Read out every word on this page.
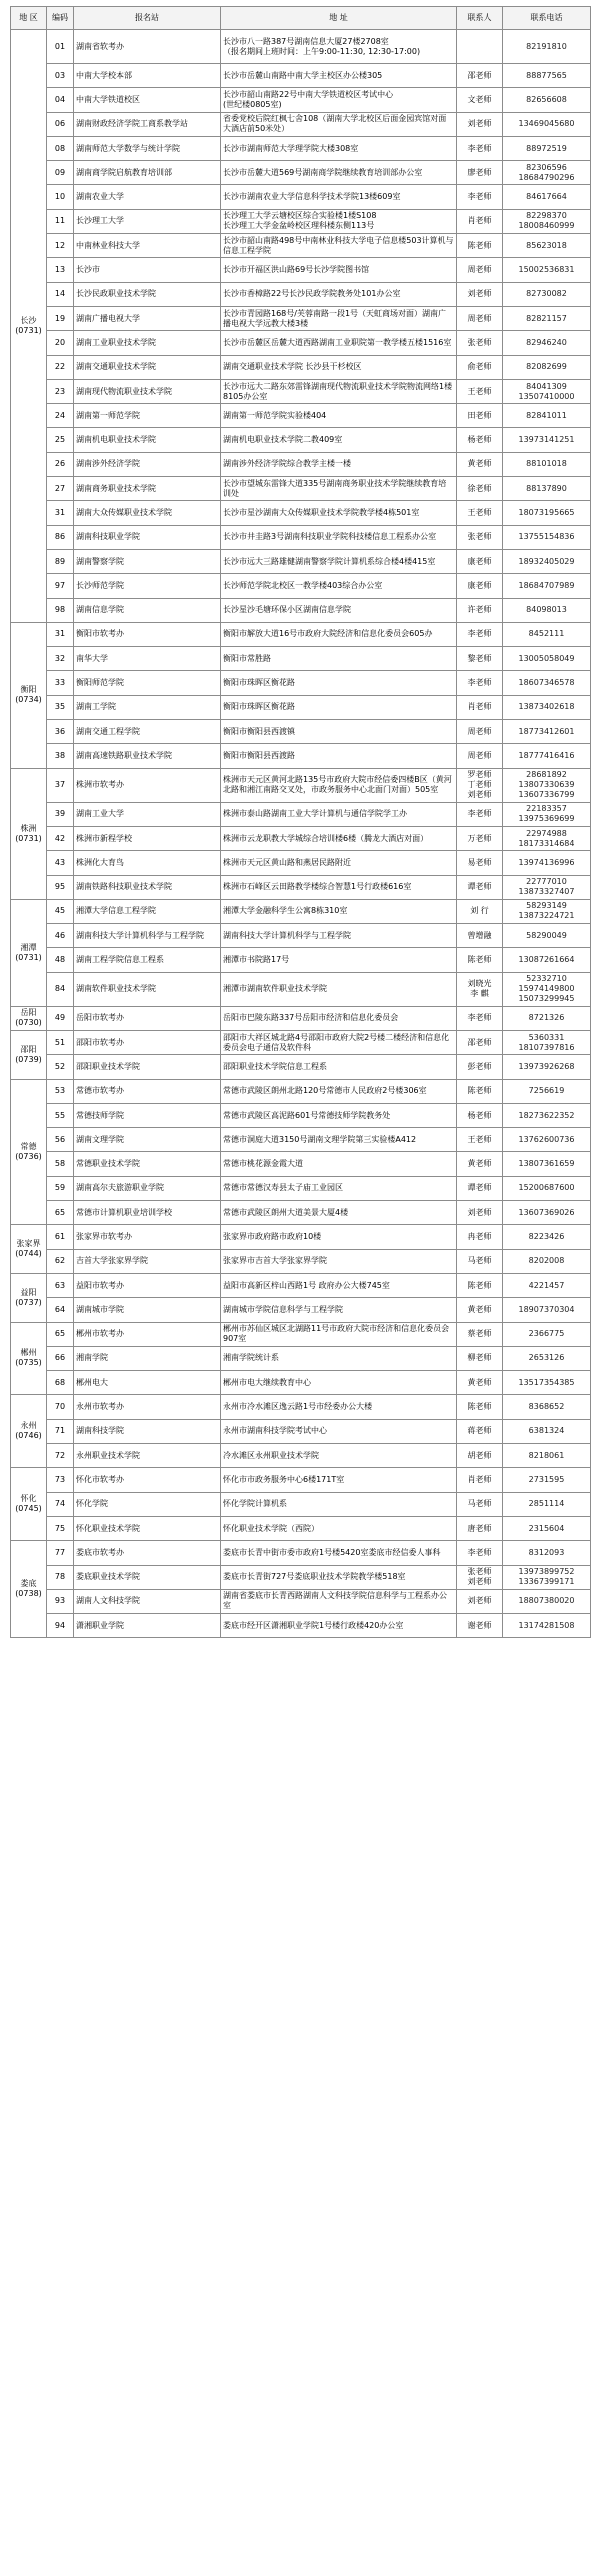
地 区	编码	报名站	地 址	联系人	联系电话
长沙
(0731)	01	湖南省软考办	长沙市八一路387号湖南信息大厦27楼2708室
（报名期间上班时间：上午9:00-11:30, 12:30-17:00)		82191810
	03	中南大学校本部	长沙市岳麓山南路中南大学主校区办公楼305	邵老师	88877565
	04	中南大学铁道校区	长沙市韶山南路22号中南大学铁道校区考试中心
(世纪楼0805室)	文老师	82656608
	06	湖南财政经济学院工商系教学站	省委党校后院红枫七舍108（湖南大学北校区后面金园宾馆对面大酒店前50米处）	刘老师	13469045680
	08	湖南师范大学数学与统计学院	长沙市湖南师范大学理学院大楼308室	李老师	88972519
	09	湖南商学院启航教育培训部	长沙市岳麓大道569号湖南商学院继续教育培训部办公室	廖老师	82306596
18684790296
	10	湖南农业大学	长沙市湖南农业大学信息科学技术学院13楼609室	李老师	84617664
	11	长沙理工大学	长沙理工大学云塘校区综合实验楼1楼S108
长沙理工大学金盆岭校区理科楼东侧113号	肖老师	82298370
18008460999
	12	中南林业科技大学	长沙市韶山南路498号中南林业科技大学电子信息楼503计算机与信息工程学院	陈老师	85623018
	13	长沙市	长沙市开福区洪山路69号长沙学院图书馆	周老师	15002536831
	14	长沙民政职业技术学院	长沙市香樟路22号长沙民政学院教务处101办公室	刘老师	82730082
	19	湖南广播电视大学	长沙市青园路168号/芙蓉南路一段1号（天虹商场对面）湖南广播电视大学远教大楼3楼	周老师	82821157
	20	湖南工业职业技术学院	长沙市岳麓区岳麓大道西路湖南工业职院第一教学楼五楼1516室	张老师	82946240
	22	湖南交通职业技术学院	湖南交通职业技术学院 长沙县干杉校区	俞老师	82082699
	23	湖南现代物流职业技术学院	长沙市远大二路东郊雷锋湖南现代物流职业技术学院物流网络1楼8105办公室	王老师	84041309
13507410000
	24	湖南第一师范学院	湖南第一师范学院实验楼404	田老师	82841011
	25	湖南机电职业技术学院	湖南机电职业技术学院二教409室	杨老师	13973141251
	26	湖南涉外经济学院	湖南涉外经济学院综合教学主楼一楼	黄老师	88101018
	27	湖南商务职业技术学院	长沙市望城东雷锋大道335号湖南商务职业技术学院继续教育培训处	徐老师	88137890
	31	湖南大众传媒职业技术学院	长沙市星沙湖南大众传媒职业技术学院教学楼4栋501室	王老师	18073195665
	86	湖南科技职业学院	长沙市井圭路3号湖南科技职业学院科技楼信息工程系办公室	张老师	13755154836
	89	湖南警察学院	长沙市远大三路雄健湖南警察学院计算机系综合楼4楼415室	康老师	18932405029
	97	长沙师范学院	长沙师范学院北校区一教学楼403综合办公室	康老师	18684707989
	98	湖南信息学院	长沙星沙毛塘环保小区湖南信息学院	许老师	84098013
衡阳
(0734)	31	衡阳市软考办	衡阳市解放大道16号市政府大院经济和信息化委员会605办	李老师	8452111
	32	南华大学	衡阳市常胜路	黎老师	13005058049
	33	衡阳师范学院	衡阳市珠晖区衡花路	李老师	18607346578
	35	湖南工学院	衡阳市珠晖区衡花路	肖老师	13873402618
	36	湖南交通工程学院	衡阳市衡阳县西渡镇	周老师	18773412601
	38	湖南高速铁路职业技术学院	衡阳市衡阳县西渡路	周老师	18777416416
株洲
(0731)	37	株洲市软考办	株洲市天元区黄河北路135号市政府大院市经信委四楼B区（黄河北路和湘江南路交叉处，市政务服务中心北面门对面）505室	罗老师
丁老师
刘老师	28681892
13807330639
13607336799
	39	湖南工业大学	株洲市泰山路湖南工业大学计算机与通信学院学工办	李老师	22183357
13975369699
	42	株洲市新程学校	株洲市云龙职教大学城综合培训楼6楼（腾龙大酒店对面）	万老师	22974988
18173314684
	43	株洲化大育鸟	株洲市天元区黄山路和燕居民路附近	易老师	13974136996
	95	湖南铁路科技职业技术学院	株洲市石峰区云田路教学楼综合智慧1号行政楼616室	谭老师	22777010
13873327407
湘潭
(0731)	45	湘潭大学信息工程学院	湘潭大学金融科学生公寓8栋310室	刘 行	58293149
13873224721
	46	湖南科技大学计算机科学与工程学院	湖南科技大学计算机科学与工程学院	曾增融	58290049
	48	湖南工程学院信息工程系	湘潭市书院路17号	陈老师	13087261664
	84	湖南软件职业技术学院	湘潭市湖南软件职业技术学院	刘晓光
李 麒	52332710
15974149800
15073299945
岳阳
(0730)	49	岳阳市软考办	岳阳市巴陵东路337号岳阳市经济和信息化委员会	李老师	8721326
邵阳
(0739)	51	邵阳市软考办	邵阳市大祥区城北路4号邵阳市政府大院2号楼二楼经济和信息化委员会电子通信及软件科	邵老师	5360331
18107397816
	52	邵阳职业技术学院	邵阳职业技术学院信息工程系	彭老师	13973926268
常德
(0736)	53	常德市软考办	常德市武陵区朗州北路120号常德市人民政府2号楼306室	陈老师	7256619
	55	常德技师学院	常德市武陵区高泥路601号常德技师学院教务处	杨老师	18273622352
	56	湖南文理学院	常德市洞庭大道3150号湖南文理学院第三实验楼A412	王老师	13762600736
	58	常德职业技术学院	常德市桃花源金霞大道	黄老师	13807361659
	59	湖南高尔夫旅游职业学院	常德市常德汉寿县太子庙工业园区	谭老师	15200687600
	65	常德市计算机职业培训学校	常德市武陵区朗州大道美景大厦4楼	刘老师	13607369026
张家界
(0744)	61	张家界市软考办	张家界市政府路市政府10楼	冉老师	8223426
	62	吉首大学张家界学院	张家界市吉首大学张家界学院	马老师	8202008
益阳
(0737)	63	益阳市软考办	益阳市高新区梓山西路1号 政府办公大楼745室	陈老师	4221457
	64	湖南城市学院	湖南城市学院信息科学与工程学院	黄老师	18907370304
郴州
(0735)	65	郴州市软考办	郴州市苏仙区城区北湖路11号市政府大院市经济和信息化委员会907室	蔡老师	2366775
	66	湘南学院	湘南学院统计系	柳老师	2653126
	68	郴州电大	郴州市电大继续教育中心	黄老师	13517354385
永州
(0746)	70	永州市软考办	永州市冷水滩区逸云路1号市经委办公大楼	陈老师	8368652
	71	湖南科技学院	永州市湖南科技学院考试中心	蒋老师	6381324
	72	永州职业技术学院	冷水滩区永州职业技术学院	胡老师	8218061
怀化
(0745)	73	怀化市软考办	怀化市市政务服务中心6楼171T室	肖老师	2731595
	74	怀化学院	怀化学院计算机系	马老师	2851114
	75	怀化职业技术学院	怀化职业技术学院（西院）	唐老师	2315604
娄底
(0738)	77	娄底市软考办	娄底市长青中街市委市政府1号楼5420室娄底市经信委人事科	李老师	8312093
	78	娄底职业技术学院	娄底市长青街727号娄底职业技术学院教学楼518室	张老师
刘老师	13973899752
13367399171
	93	湖南人文科技学院	湖南省娄底市长青西路湖南人文科技学院信息科学与工程系办公室	刘老师	18807380020
	94	潇湘职业学院	娄底市经开区潇湘职业学院1号楼行政楼420办公室	谢老师	13174281508
